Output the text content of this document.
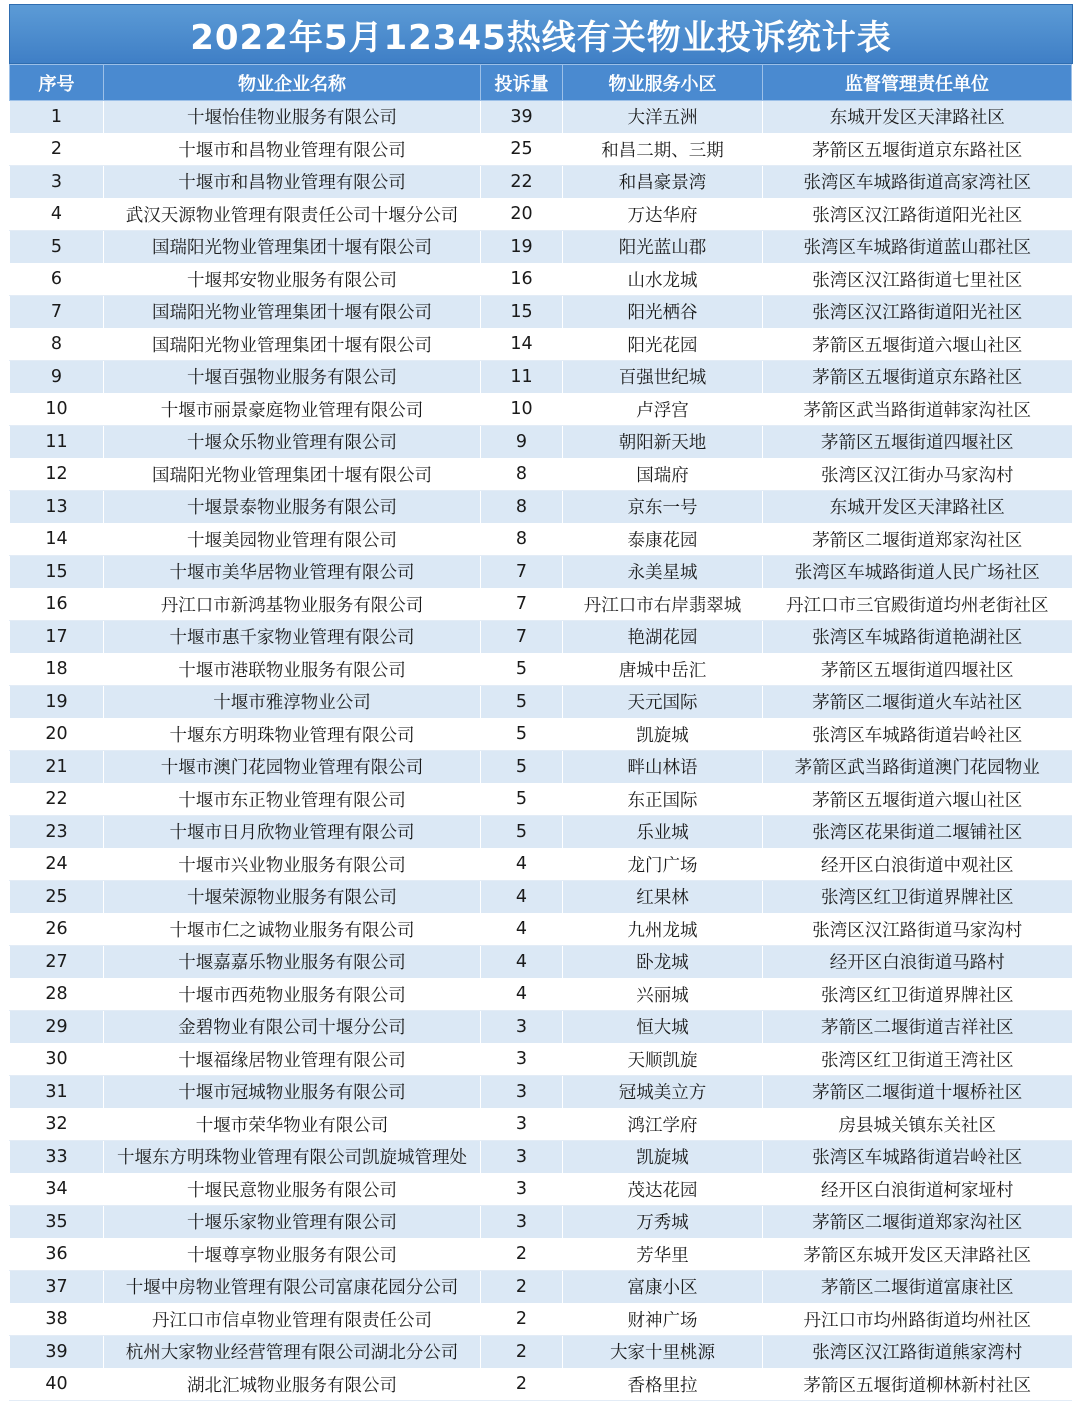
2022年5月12345热线有关物业投诉统计表
序号	物业企业名称	投诉量	物业服务小区	监督管理责任单位
1	十堰怡佳物业服务有限公司	39	大洋五洲	东城开发区天津路社区
2	十堰市和昌物业管理有限公司	25	和昌二期、三期	茅箭区五堰街道京东路社区
3	十堰市和昌物业管理有限公司	22	和昌豪景湾	张湾区车城路街道高家湾社区
4	武汉天源物业管理有限责任公司十堰分公司	20	万达华府	张湾区汉江路街道阳光社区
5	国瑞阳光物业管理集团十堰有限公司	19	阳光蓝山郡	张湾区车城路街道蓝山郡社区
6	十堰邦安物业服务有限公司	16	山水龙城	张湾区汉江路街道七里社区
7	国瑞阳光物业管理集团十堰有限公司	15	阳光栖谷	张湾区汉江路街道阳光社区
8	国瑞阳光物业管理集团十堰有限公司	14	阳光花园	茅箭区五堰街道六堰山社区
9	十堰百强物业服务有限公司	11	百强世纪城	茅箭区五堰街道京东路社区
10	十堰市丽景豪庭物业管理有限公司	10	卢浮宫	茅箭区武当路街道韩家沟社区
11	十堰众乐物业管理有限公司	9	朝阳新天地	茅箭区五堰街道四堰社区
12	国瑞阳光物业管理集团十堰有限公司	8	国瑞府	张湾区汉江街办马家沟村
13	十堰景泰物业服务有限公司	8	京东一号	东城开发区天津路社区
14	十堰美园物业管理有限公司	8	泰康花园	茅箭区二堰街道郑家沟社区
15	十堰市美华居物业管理有限公司	7	永美星城	张湾区车城路街道人民广场社区
16	丹江口市新鸿基物业服务有限公司	7	丹江口市右岸翡翠城	丹江口市三官殿街道均州老街社区
17	十堰市惠千家物业管理有限公司	7	艳湖花园	张湾区车城路街道艳湖社区
18	十堰市港联物业服务有限公司	5	唐城中岳汇	茅箭区五堰街道四堰社区
19	十堰市雅淳物业公司	5	天元国际	茅箭区二堰街道火车站社区
20	十堰东方明珠物业管理有限公司	5	凯旋城	张湾区车城路街道岩岭社区
21	十堰市澳门花园物业管理有限公司	5	畔山林语	茅箭区武当路街道澳门花园物业
22	十堰市东正物业管理有限公司	5	东正国际	茅箭区五堰街道六堰山社区
23	十堰市日月欣物业管理有限公司	5	乐业城	张湾区花果街道二堰铺社区
24	十堰市兴业物业服务有限公司	4	龙门广场	经开区白浪街道中观社区
25	十堰荣源物业服务有限公司	4	红果林	张湾区红卫街道界牌社区
26	十堰市仁之诚物业服务有限公司	4	九州龙城	张湾区汉江路街道马家沟村
27	十堰嘉嘉乐物业服务有限公司	4	卧龙城	经开区白浪街道马路村
28	十堰市西苑物业服务有限公司	4	兴丽城	张湾区红卫街道界牌社区
29	金碧物业有限公司十堰分公司	3	恒大城	茅箭区二堰街道吉祥社区
30	十堰福缘居物业管理有限公司	3	天顺凯旋	张湾区红卫街道王湾社区
31	十堰市冠城物业服务有限公司	3	冠城美立方	茅箭区二堰街道十堰桥社区
32	十堰市荣华物业有限公司	3	鸿江学府	房县城关镇东关社区
33	十堰东方明珠物业管理有限公司凯旋城管理处	3	凯旋城	张湾区车城路街道岩岭社区
34	十堰民意物业服务有限公司	3	茂达花园	经开区白浪街道柯家垭村
35	十堰乐家物业管理有限公司	3	万秀城	茅箭区二堰街道郑家沟社区
36	十堰尊享物业服务有限公司	2	芳华里	茅箭区东城开发区天津路社区
37	十堰中房物业管理有限公司富康花园分公司	2	富康小区	茅箭区二堰街道富康社区
38	丹江口市信卓物业管理有限责任公司	2	财神广场	丹江口市均州路街道均州社区
39	杭州大家物业经营管理有限公司湖北分公司	2	大家十里桃源	张湾区汉江路街道熊家湾村
40	湖北汇城物业服务有限公司	2	香格里拉	茅箭区五堰街道柳林新村社区
